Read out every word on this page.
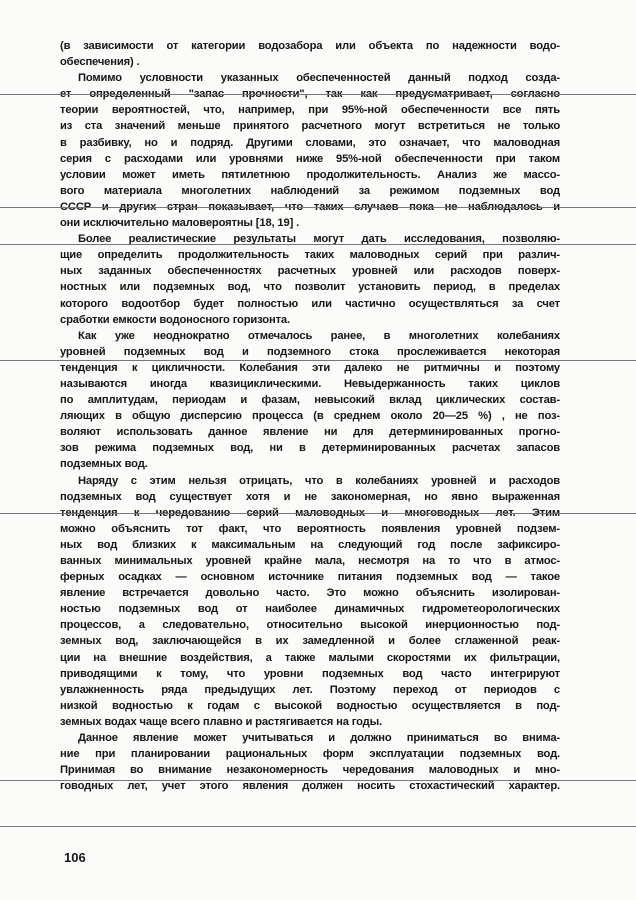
(в зависимости от категории водозабора или объекта по надежности водо-
обеспечения) .
Помимо условности указанных обеспеченностей данный подход созда-
ет определенный "запас прочности", так как предусматривает, согласно
теории вероятностей, что, например, при 95%-ной обеспеченности все пять
из ста значений меньше принятого расчетного могут встретиться не только
в разбивку, но и подряд. Другими словами, это означает, что маловодная
серия с расходами или уровнями ниже 95%-ной обеспеченности при таком
условии может иметь пятилетнюю продолжительность. Анализ же массо-
вого материала многолетних наблюдений за режимом подземных вод
СССР и других стран показывает, что таких случаев пока не наблюдалось и
они исключительно маловероятны [18, 19] .
Более реалистические результаты могут дать исследования, позволяю-
щие определить продолжительность таких маловодных серий при различ-
ных заданных обеспеченностях расчетных уровней или расходов поверх-
ностных или подземных вод, что позволит установить период, в пределах
которого водоотбор будет полностью или частично осуществляться за счет
сработки емкости водоносного горизонта.
Как уже неоднократно отмечалось ранее, в многолетних колебаниях
уровней подземных вод и подземного стока прослеживается некоторая
тенденция к цикличности. Колебания эти далеко не ритмичны и поэтому
называются иногда квазициклическими. Невыдержанность таких циклов
по амплитудам, периодам и фазам, невысокий вклад циклических состав-
ляющих в общую дисперсию процесса (в среднем около 20—25 %) , не поз-
воляют использовать данное явление ни для детерминированных прогно-
зов режима подземных вод, ни в детерминированных расчетах запасов
подземных вод.
Наряду с этим нельзя отрицать, что в колебаниях уровней и расходов
подземных вод существует хотя и не закономерная, но явно выраженная
тенденция к чередованию серий маловодных и многоводных лет. Этим
можно объяснить тот факт, что вероятность появления уровней подзем-
ных вод близких к максимальным на следующий год после зафиксиро-
ванных минимальных уровней крайне мала, несмотря на то что в атмос-
ферных осадках — основном источнике питания подземных вод — такое
явление встречается довольно часто. Это можно объяснить изолирован-
ностью подземных вод от наиболее динамичных гидрометеорологических
процессов, а следовательно, относительно высокой инерционностью под-
земных вод, заключающейся в их замедленной и более сглаженной реак-
ции на внешние воздействия, а также малыми скоростями их фильтрации,
приводящими к тому, что уровни подземных вод часто интегрируют
увлажненность ряда предыдущих лет. Поэтому переход от периодов с
низкой водностью к годам с высокой водностью осуществляется в под-
земных водах чаще всего плавно и растягивается на годы.
Данное явление может учитываться и должно приниматься во внима-
ние при планировании рациональных форм эксплуатации подземных вод.
Принимая во внимание незакономерность чередования маловодных и мно-
говодных лет, учет этого явления должен носить стохастический характер.
106
